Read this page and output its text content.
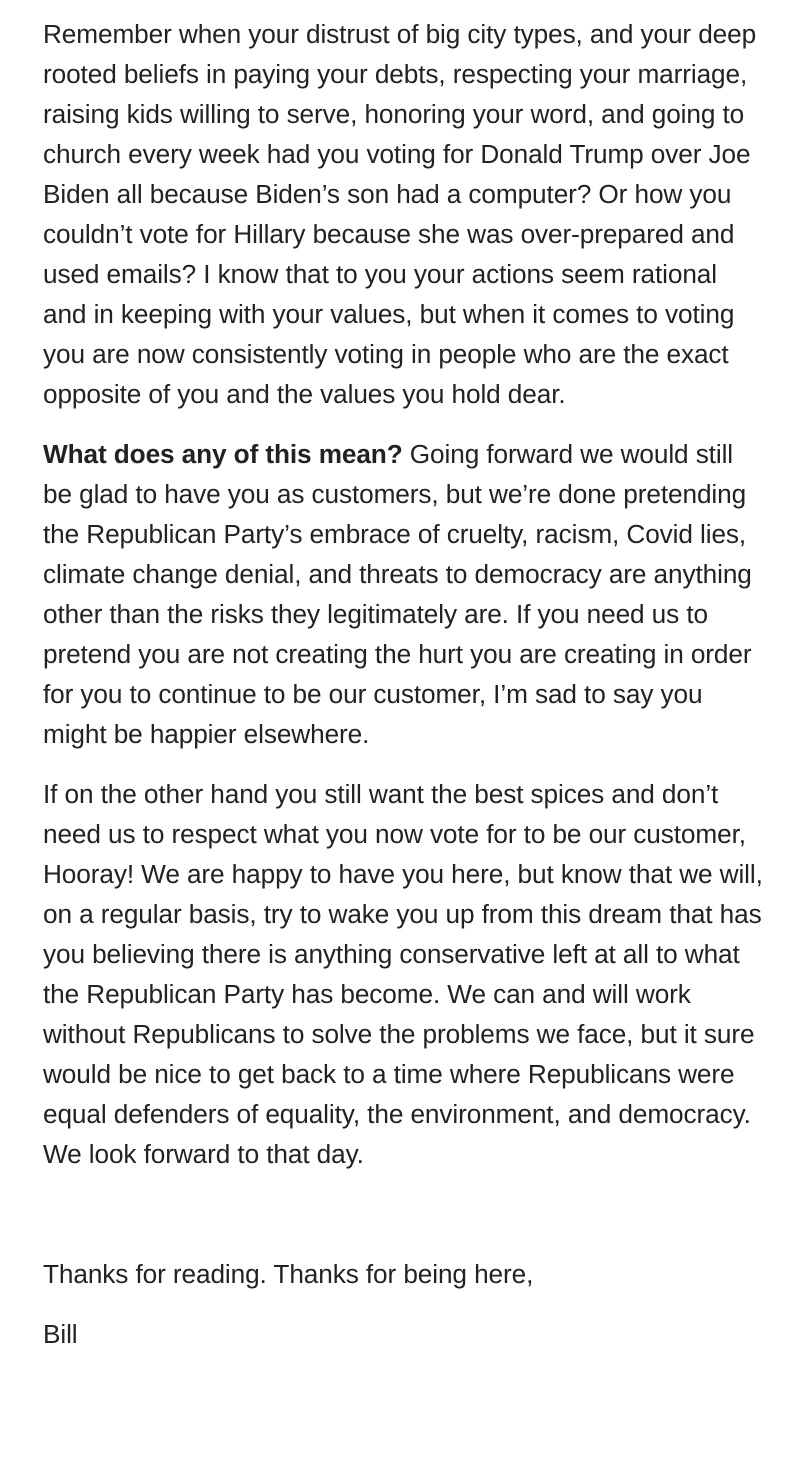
Remember when your distrust of big city types, and your deep rooted beliefs in paying your debts, respecting your marriage, raising kids willing to serve, honoring your word, and going to church every week had you voting for Donald Trump over Joe Biden all because Biden’s son had a computer? Or how you couldn’t vote for Hillary because she was over-prepared and used emails? I know that to you your actions seem rational and in keeping with your values, but when it comes to voting you are now consistently voting in people who are the exact opposite of you and the values you hold dear.

What does any of this mean? Going forward we would still be glad to have you as customers, but we’re done pretending the Republican Party’s embrace of cruelty, racism, Covid lies, climate change denial, and threats to democracy are anything other than the risks they legitimately are. If you need us to pretend you are not creating the hurt you are creating in order for you to continue to be our customer, I’m sad to say you might be happier elsewhere.

If on the other hand you still want the best spices and don’t need us to respect what you now vote for to be our customer, Hooray! We are happy to have you here, but know that we will, on a regular basis, try to wake you up from this dream that has you believing there is anything conservative left at all to what the Republican Party has become. We can and will work without Republicans to solve the problems we face, but it sure would be nice to get back to a time where Republicans were equal defenders of equality, the environment, and democracy. We look forward to that day.

Thanks for reading. Thanks for being here,

Bill
